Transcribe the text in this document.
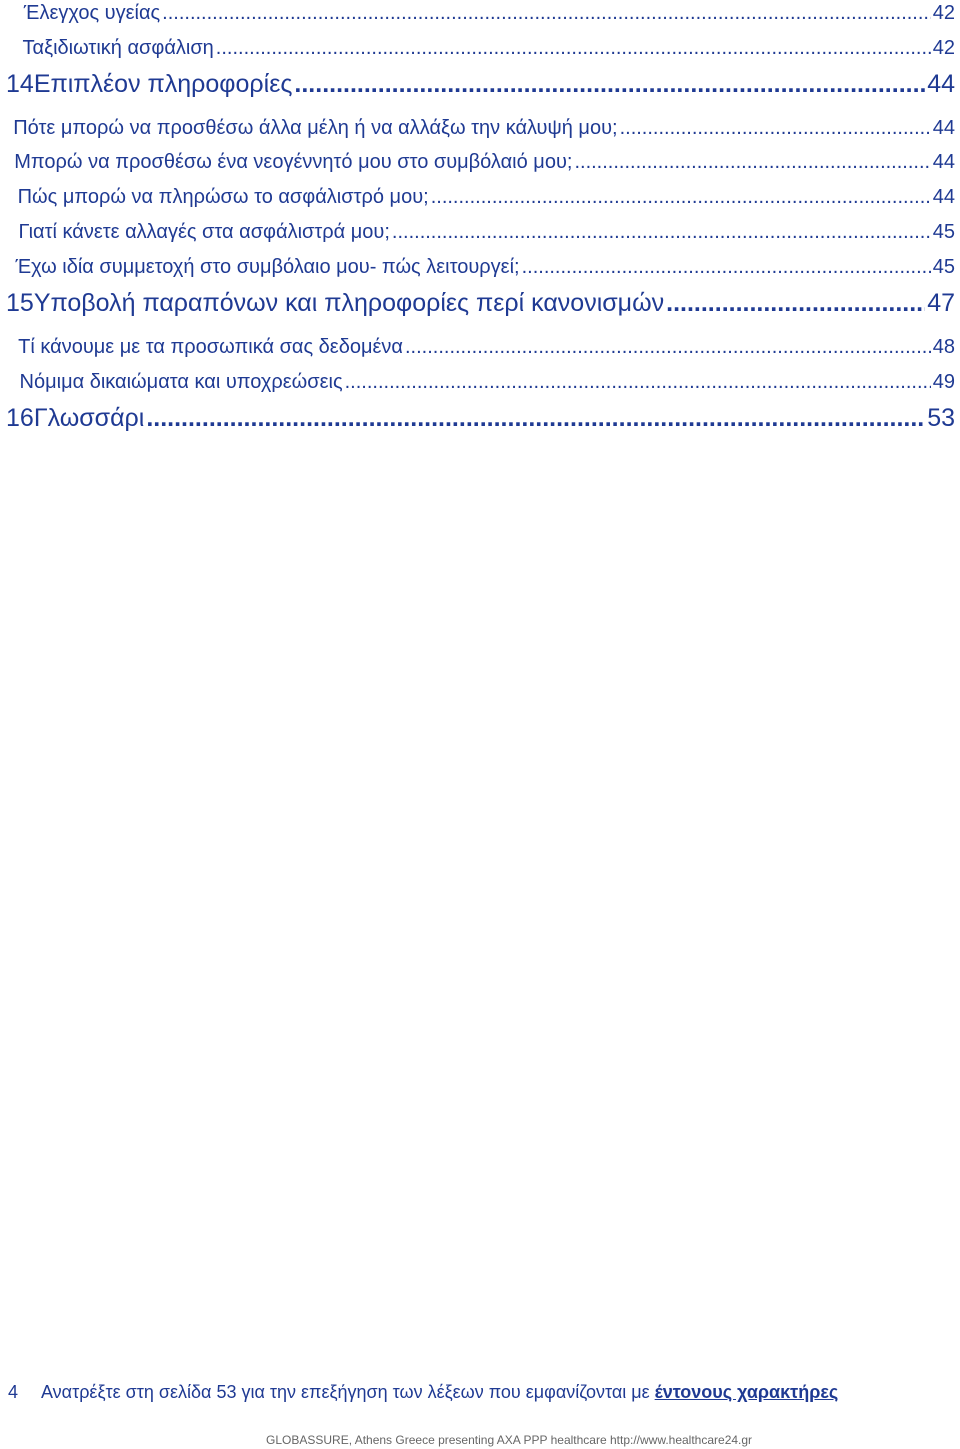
Έλεγχος υγείας .....	42
Ταξιδιωτική ασφάλιση .....	42
14 Επιπλέον πληροφορίες .....	44
Πότε μπορώ να προσθέσω άλλα μέλη ή να αλλάξω την κάλυψή μου; .....	44
Μπορώ να προσθέσω ένα νεογέννητό μου στο συμβόλαιό μου; .....	44
Πώς μπορώ να πληρώσω το ασφάλιστρό μου; .....	44
Γιατί κάνετε αλλαγές στα ασφάλιστρά μου; .....	45
Έχω ιδία συμμετοχή στο συμβόλαιο μου- πώς λειτουργεί; .....	45
15 Υποβολή παραπόνων και πληροφορίες περί κανονισμών .....	47
Τί κάνουμε με τα προσωπικά σας δεδομένα .....	48
Νόμιμα δικαιώματα και υποχρεώσεις .....	49
16 Γλωσσάρι .....	53
4 Ανατρέξτε στη σελίδα 53 για την επεξήγηση των λέξεων που εμφανίζονται με έντονους χαρακτήρες
GLOBASSURE, Athens Greece presenting AXA PPP healthcare http://www.healthcare24.gr
